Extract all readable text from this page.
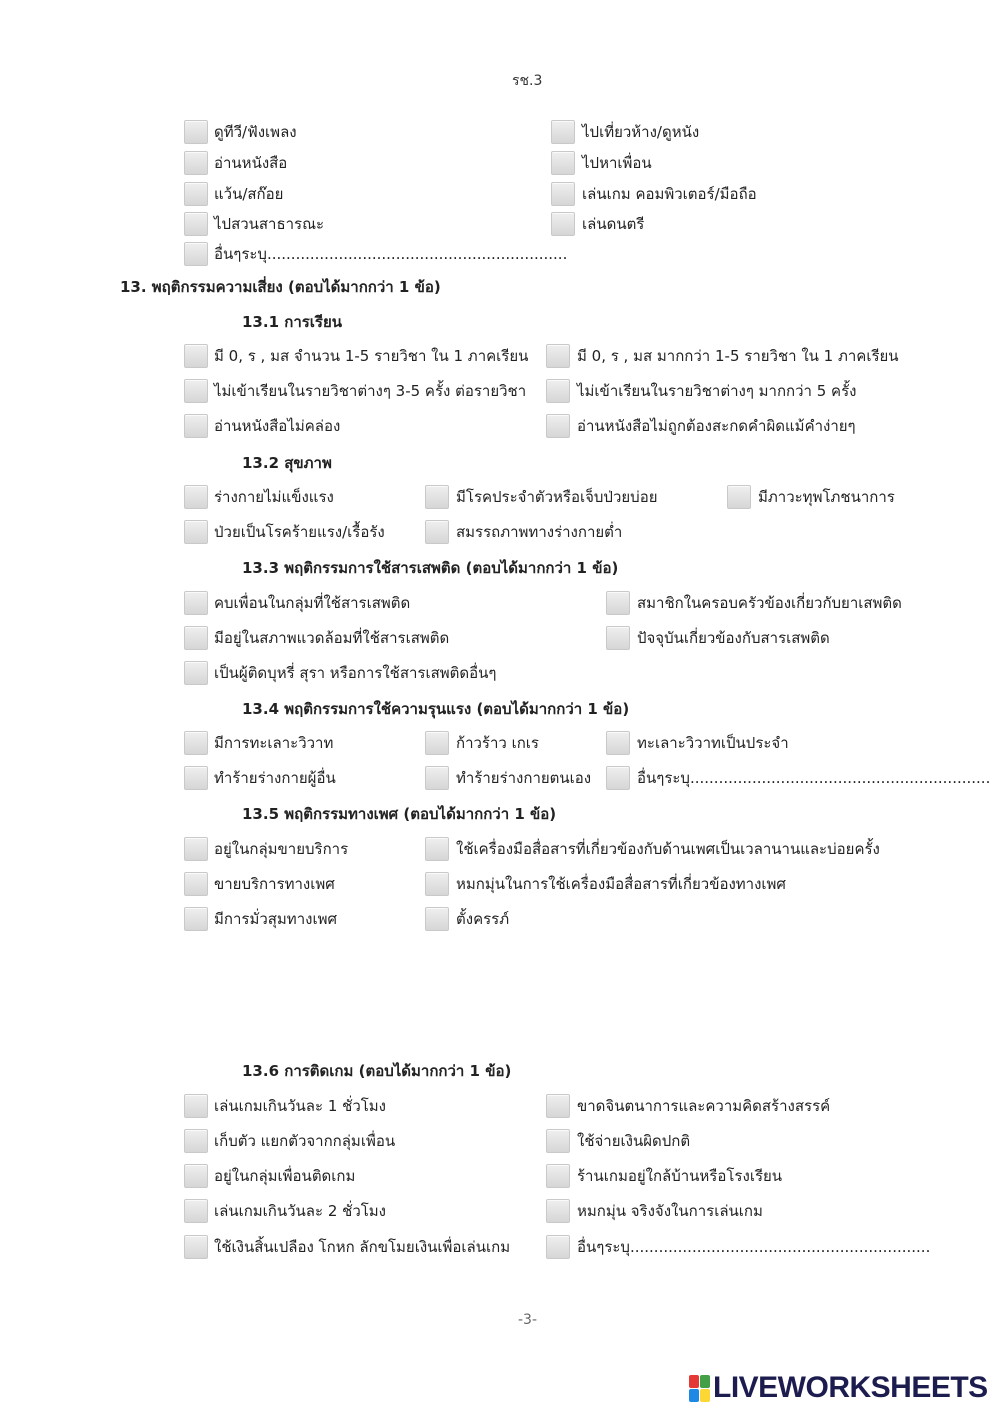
รช.3
ดูทีวี/ฟังเพลง
อ่านหนังสือ
แว้น/สก๊อย
ไปสวนสาธารณะ
อื่นๆระบุ...............................................................
ไปเที่ยวห้าง/ดูหนัง
ไปหาเพื่อน
เล่นเกม คอมพิวเตอร์/มือถือ
เล่นดนตรี
13. พฤติกรรมความเสี่ยง (ตอบได้มากกว่า 1 ข้อ)
13.1 การเรียน
มี 0, ร , มส จำนวน 1-5 รายวิชา ใน 1 ภาคเรียน
ไม่เข้าเรียนในรายวิชาต่างๆ 3-5 ครั้ง ต่อรายวิชา
อ่านหนังสือไม่คล่อง
มี 0, ร , มส มากกว่า 1-5 รายวิชา ใน 1 ภาคเรียน
ไม่เข้าเรียนในรายวิชาต่างๆ มากกว่า 5 ครั้ง
อ่านหนังสือไม่ถูกต้องสะกดคำผิดแม้คำง่ายๆ
13.2 สุขภาพ
ร่างกายไม่แข็งแรง
ป่วยเป็นโรคร้ายแรง/เรื้อรัง
มีโรคประจำตัวหรือเจ็บป่วยบ่อย
สมรรถภาพทางร่างกายต่ำ
มีภาวะทุพโภชนาการ
13.3 พฤติกรรมการใช้สารเสพติด (ตอบได้มากกว่า 1 ข้อ)
คบเพื่อนในกลุ่มที่ใช้สารเสพติด
มีอยู่ในสภาพแวดล้อมที่ใช้สารเสพติด
เป็นผู้ติดบุหรี่ สุรา หรือการใช้สารเสพติดอื่นๆ
สมาชิกในครอบครัวข้องเกี่ยวกับยาเสพติด
ปัจจุบันเกี่ยวข้องกับสารเสพติด
13.4 พฤติกรรมการใช้ความรุนแรง (ตอบได้มากกว่า 1 ข้อ)
มีการทะเลาะวิวาท
ทำร้ายร่างกายผู้อื่น
ก้าวร้าว เกเร
ทำร้ายร่างกายตนเอง
ทะเลาะวิวาทเป็นประจำ
อื่นๆระบุ...............................................................
13.5 พฤติกรรมทางเพศ (ตอบได้มากกว่า 1 ข้อ)
อยู่ในกลุ่มขายบริการ
ขายบริการทางเพศ
มีการมั่วสุมทางเพศ
ใช้เครื่องมือสื่อสารที่เกี่ยวข้องกับด้านเพศเป็นเวลานานและบ่อยครั้ง
หมกมุ่นในการใช้เครื่องมือสื่อสารที่เกี่ยวข้องทางเพศ
ตั้งครรภ์
13.6 การติดเกม (ตอบได้มากกว่า 1 ข้อ)
เล่นเกมเกินวันละ 1 ชั่วโมง
เก็บตัว แยกตัวจากกลุ่มเพื่อน
อยู่ในกลุ่มเพื่อนติดเกม
เล่นเกมเกินวันละ 2 ชั่วโมง
ใช้เงินสิ้นเปลือง โกหก ลักขโมยเงินเพื่อเล่นเกม
ขาดจินตนาการและความคิดสร้างสรรค์
ใช้จ่ายเงินผิดปกติ
ร้านเกมอยู่ใกล้บ้านหรือโรงเรียน
หมกมุ่น จริงจังในการเล่นเกม
อื่นๆระบุ...............................................................
-3-
LIVEWORKSHEETS
